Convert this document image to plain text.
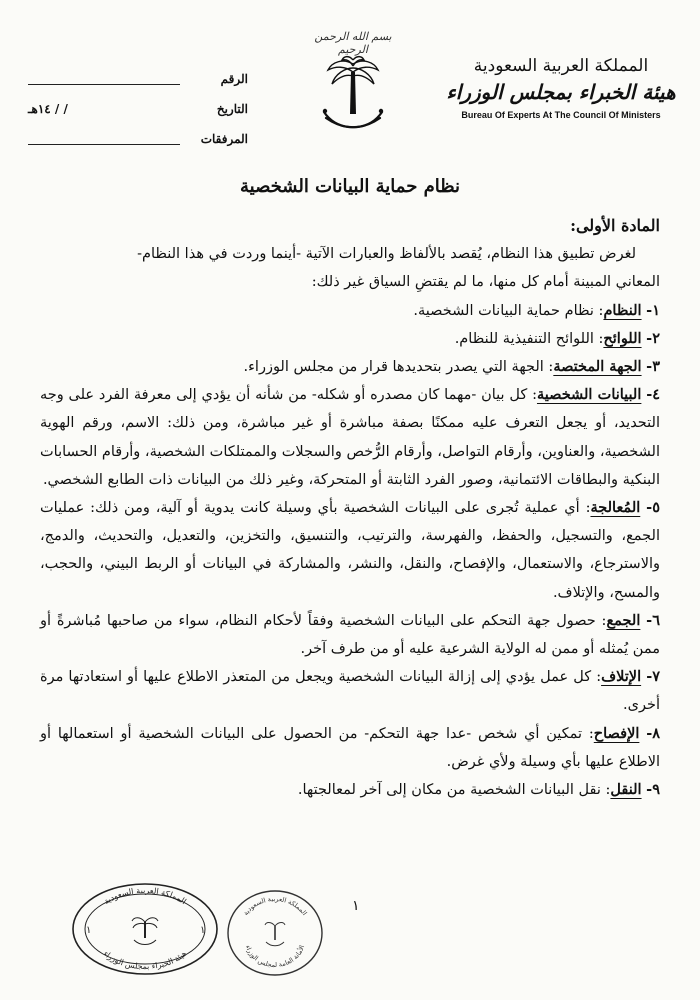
بسم الله الرحمن الرحيم
الرقم
التاريخ
/ / ١٤هـ
المرفقات
المملكة العربية السعودية
هيئة الخبراء بمجلس الوزراء
Bureau Of Experts At The Council Of Ministers
نظام حماية البيانات الشخصية
المادة الأولى:

لغرض تطبيق هذا النظام، يُقصد بالألفاظ والعبارات الآتية -أينما وردت في هذا النظام-

المعاني المبينة أمام كل منها، ما لم يقتضِ السياق غير ذلك:

١- النظام: نظام حماية البيانات الشخصية.

٢- اللوائح: اللوائح التنفيذية للنظام.

٣- الجهة المختصة: الجهة التي يصدر بتحديدها قرار من مجلس الوزراء.

٤- البيانات الشخصية: كل بيان -مهما كان مصدره أو شكله- من شأنه أن يؤدي إلى معرفة الفرد على وجه التحديد، أو يجعل التعرف عليه ممكنًا بصفة مباشرة أو غير مباشرة، ومن ذلك: الاسم، ورقم الهوية الشخصية، والعناوين، وأرقام التواصل، وأرقام الرُّخص والسجلات والممتلكات الشخصية، وأرقام الحسابات البنكية والبطاقات الائتمانية، وصور الفرد الثابتة أو المتحركة، وغير ذلك من البيانات ذات الطابع الشخصي.

٥- المُعالجة: أي عملية تُجرى على البيانات الشخصية بأي وسيلة كانت يدوية أو آلية، ومن ذلك: عمليات الجمع، والتسجيل، والحفظ، والفهرسة، والترتيب، والتنسيق، والتخزين، والتعديل، والتحديث، والدمج، والاسترجاع، والاستعمال، والإفصاح، والنقل، والنشر، والمشاركة في البيانات أو الربط البيني، والحجب، والمسح، والإتلاف.

٦- الجمع: حصول جهة التحكم على البيانات الشخصية وفقاً لأحكام النظام، سواء من صاحبها مُباشرةً أو ممن يُمثله أو ممن له الولاية الشرعية عليه أو من طرف آخر.

٧- الإتلاف: كل عمل يؤدي إلى إزالة البيانات الشخصية ويجعل من المتعذر الاطلاع عليها أو استعادتها مرة أخرى.

٨- الإفصاح: تمكين أي شخص -عدا جهة التحكم- من الحصول على البيانات الشخصية أو استعمالها أو الاطلاع عليها بأي وسيلة ولأي غرض.

٩- النقل: نقل البيانات الشخصية من مكان إلى آخر لمعالجتها.

١
المملكة العربية السعودية
هيئة الخبراء بمجلس الوزراء
١	١
المملكة العربية السعودية
الأمانة العامة لمجلس الوزراء
